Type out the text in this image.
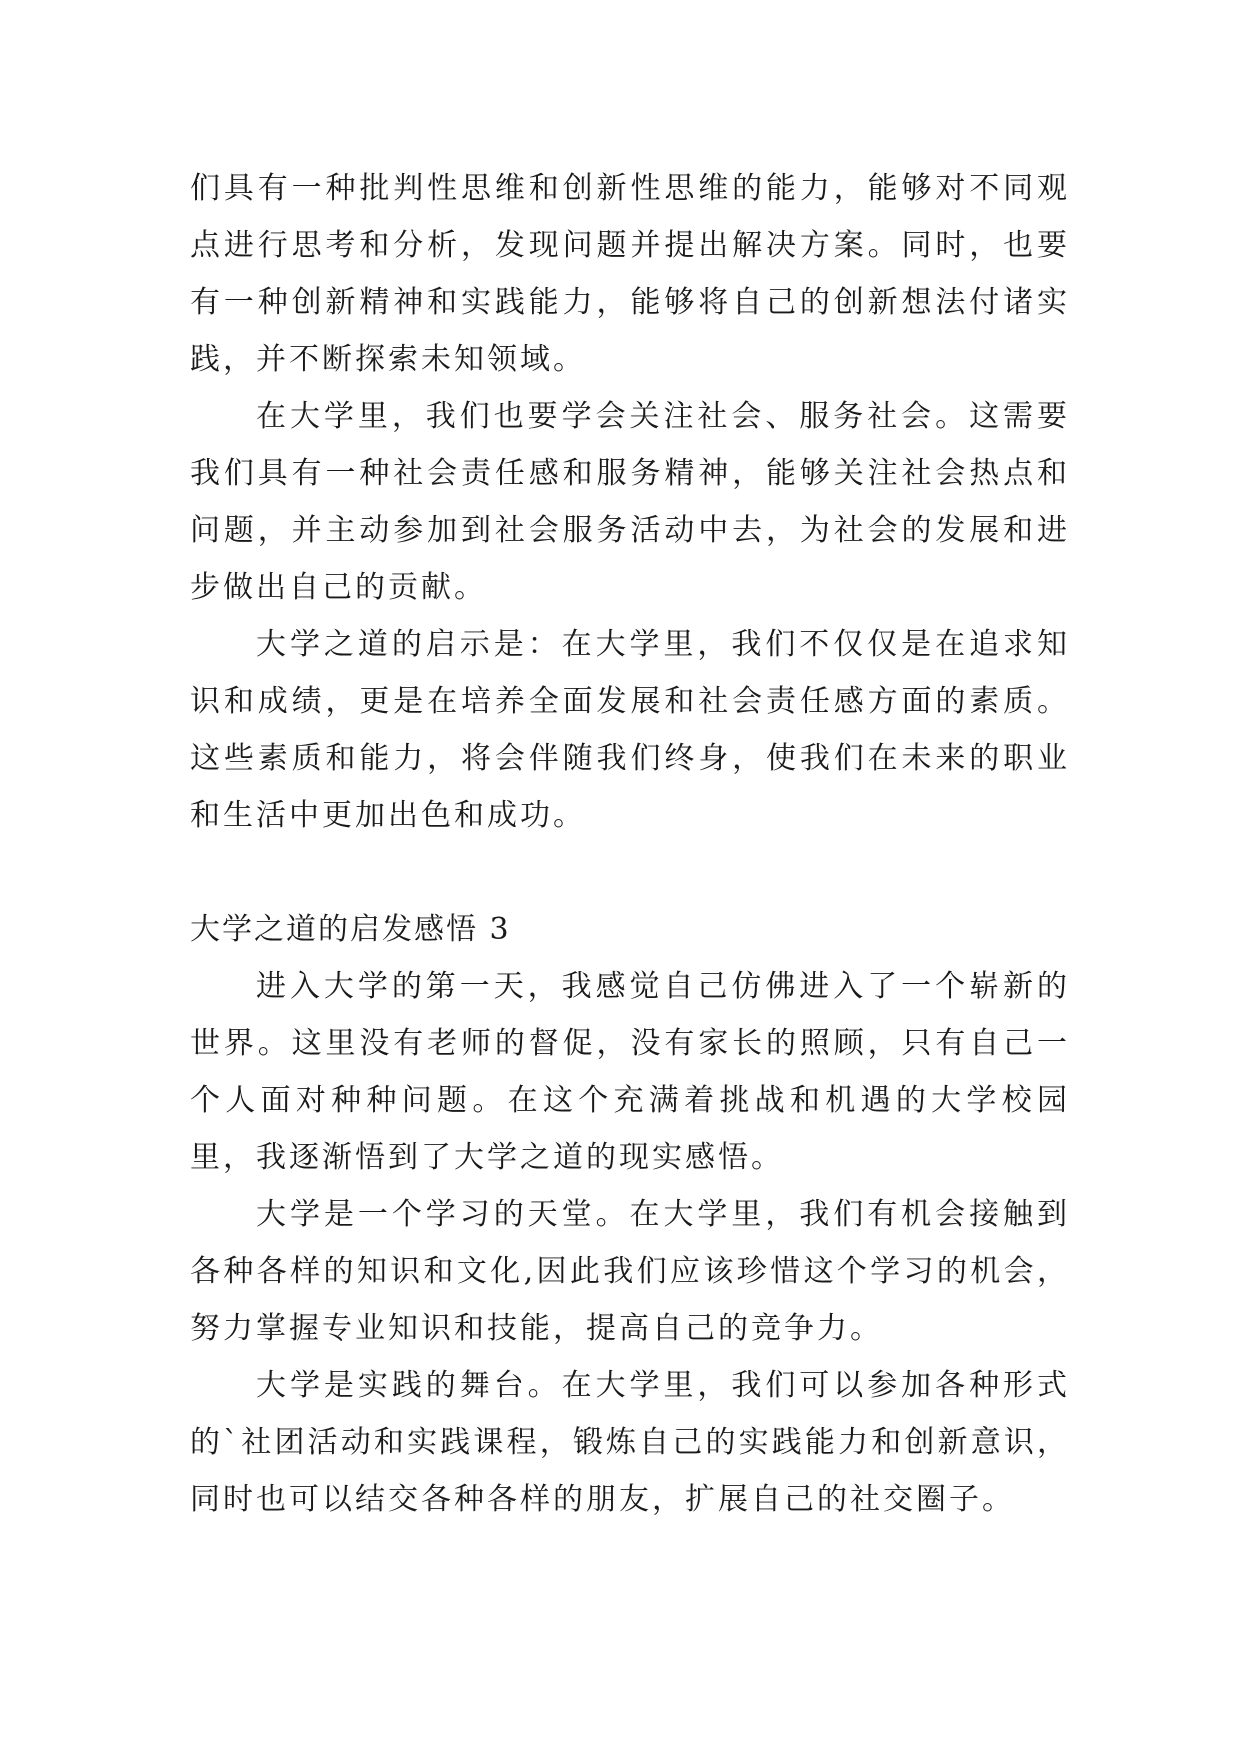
们具有一种批判性思维和创新性思维的能力，能够对不同观点进行思考和分析，发现问题并提出解决方案。同时，也要有一种创新精神和实践能力，能够将自己的创新想法付诸实践，并不断探索未知领域。

在大学里，我们也要学会关注社会、服务社会。这需要我们具有一种社会责任感和服务精神，能够关注社会热点和问题，并主动参加到社会服务活动中去，为社会的发展和进步做出自己的贡献。

大学之道的启示是：在大学里，我们不仅仅是在追求知识和成绩，更是在培养全面发展和社会责任感方面的素质。这些素质和能力，将会伴随我们终身，使我们在未来的职业和生活中更加出色和成功。

大学之道的启发感悟 3

进入大学的第一天，我感觉自己仿佛进入了一个崭新的世界。这里没有老师的督促，没有家长的照顾，只有自己一个人面对种种问题。在这个充满着挑战和机遇的大学校园里，我逐渐悟到了大学之道的现实感悟。

大学是一个学习的天堂。在大学里，我们有机会接触到各种各样的知识和文化,因此我们应该珍惜这个学习的机会，努力掌握专业知识和技能，提高自己的竞争力。

大学是实践的舞台。在大学里，我们可以参加各种形式的`社团活动和实践课程，锻炼自己的实践能力和创新意识，同时也可以结交各种各样的朋友，扩展自己的社交圈子。
